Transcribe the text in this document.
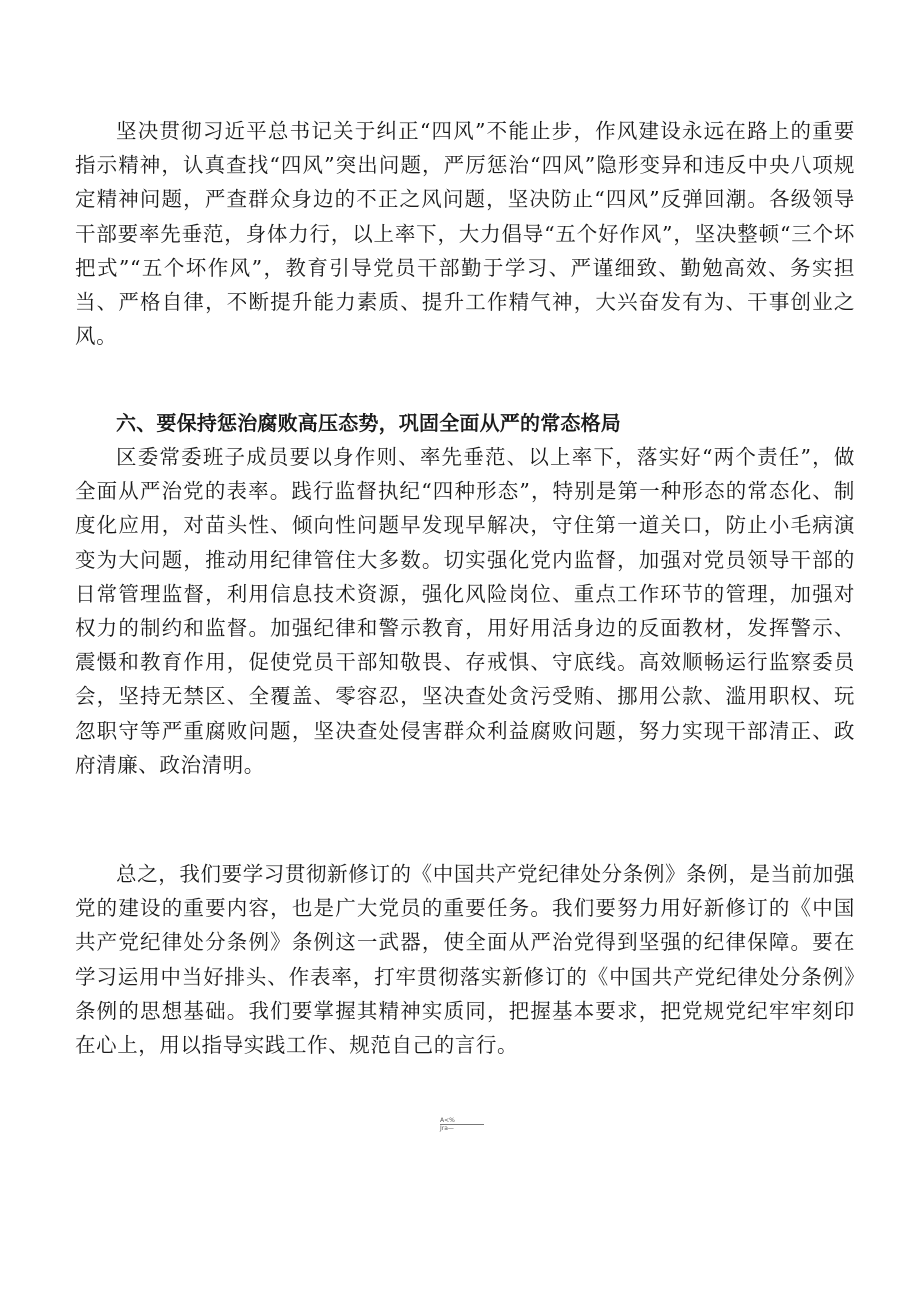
坚决贯彻习近平总书记关于纠正“四风”不能止步，作风建设永远在路上的重要指示精神，认真查找“四风”突出问题，严厉惩治“四风”隐形变异和违反中央八项规定精神问题，严查群众身边的不正之风问题，坚决防止“四风”反弹回潮。各级领导干部要率先垂范，身体力行，以上率下，大力倡导“五个好作风”，坚决整顿“三个坏把式”“五个坏作风”，教育引导党员干部勤于学习、严谨细致、勤勉高效、务实担当、严格自律，不断提升能力素质、提升工作精气神，大兴奋发有为、干事创业之风。

六、要保持惩治腐败高压态势，巩固全面从严的常态格局

区委常委班子成员要以身作则、率先垂范、以上率下，落实好“两个责任”，做全面从严治党的表率。践行监督执纪“四种形态”，特别是第一种形态的常态化、制度化应用，对苗头性、倾向性问题早发现早解决，守住第一道关口，防止小毛病演变为大问题，推动用纪律管住大多数。切实强化党内监督，加强对党员领导干部的日常管理监督，利用信息技术资源，强化风险岗位、重点工作环节的管理，加强对权力的制约和监督。加强纪律和警示教育，用好用活身边的反面教材，发挥警示、震慑和教育作用，促使党员干部知敬畏、存戒惧、守底线。高效顺畅运行监察委员会，坚持无禁区、全覆盖、零容忍，坚决查处贪污受贿、挪用公款、滥用职权、玩忽职守等严重腐败问题，坚决查处侵害群众利益腐败问题，努力实现干部清正、政府清廉、政治清明。

总之，我们要学习贯彻新修订的《中国共产党纪律处分条例》条例，是当前加强党的建设的重要内容，也是广大党员的重要任务。我们要努力用好新修订的《中国共产党纪律处分条例》条例这一武器，使全面从严治党得到坚强的纪律保障。要在学习运用中当好排头、作表率，打牢贯彻落实新修订的《中国共产党纪律处分条例》条例的思想基础。我们要掌握其精神实质同，把握基本要求，把党规党纪牢牢刻印在心上，用以指导实践工作、规范自己的言行。

A<%
Jra—
